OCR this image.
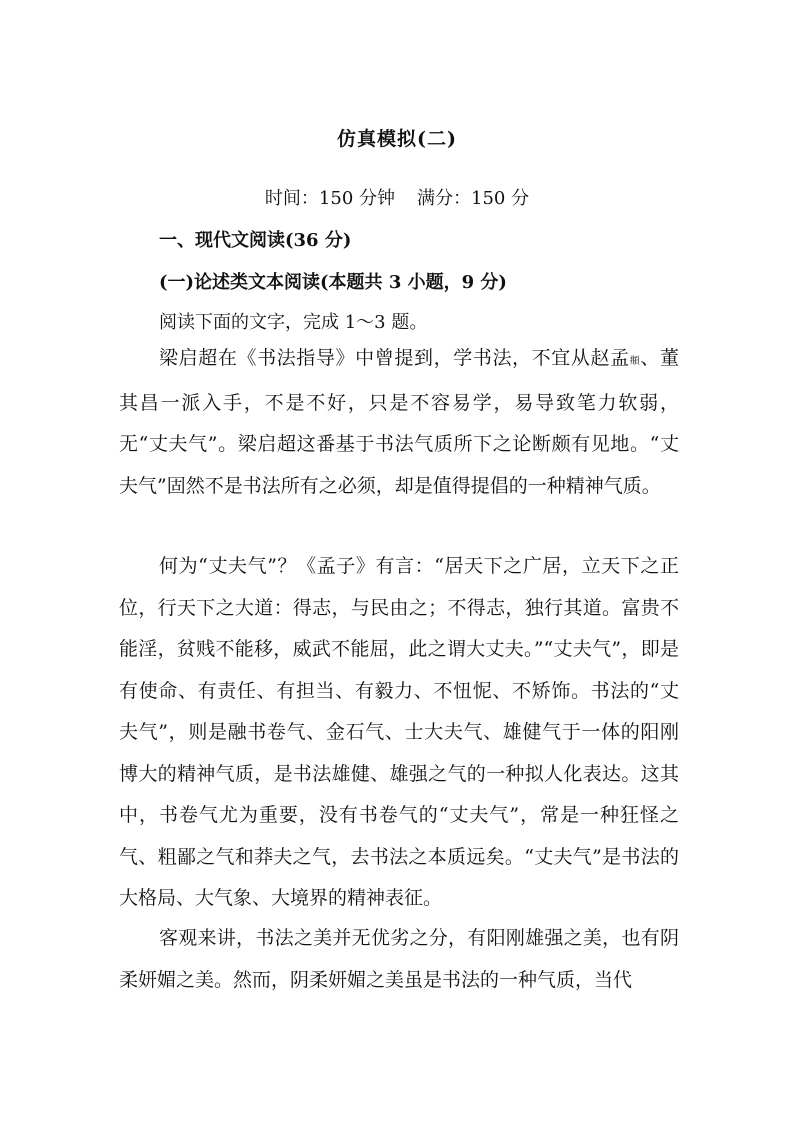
仿真模拟(二)
时间：150 分钟 满分：150 分
一、现代文阅读(36 分)
(一)论述类文本阅读(本题共 3 小题，9 分)
阅读下面的文字，完成 1～3 题。

梁启超在《书法指导》中曾提到，学书法，不宜从赵孟頫、董其昌一派入手，不是不好，只是不容易学，易导致笔力软弱，无“丈夫气”。梁启超这番基于书法气质所下之论断颇有见地。“丈夫气”固然不是书法所有之必须，却是值得提倡的一种精神气质。

何为“丈夫气”？《孟子》有言：“居天下之广居，立天下之正位，行天下之大道：得志，与民由之；不得志，独行其道。富贵不能淫，贫贱不能移，威武不能屈，此之谓大丈夫。”“丈夫气”，即是有使命、有责任、有担当、有毅力、不忸怩、不矫饰。书法的“丈夫气”，则是融书卷气、金石气、士大夫气、雄健气于一体的阳刚博大的精神气质，是书法雄健、雄强之气的一种拟人化表达。这其中，书卷气尤为重要，没有书卷气的“丈夫气”，常是一种狂怪之气、粗鄙之气和莽夫之气，去书法之本质远矣。“丈夫气”是书法的大格局、大气象、大境界的精神表征。

客观来讲，书法之美并无优劣之分，有阳刚雄强之美，也有阴柔妍媚之美。然而，阴柔妍媚之美虽是书法的一种气质，当代
